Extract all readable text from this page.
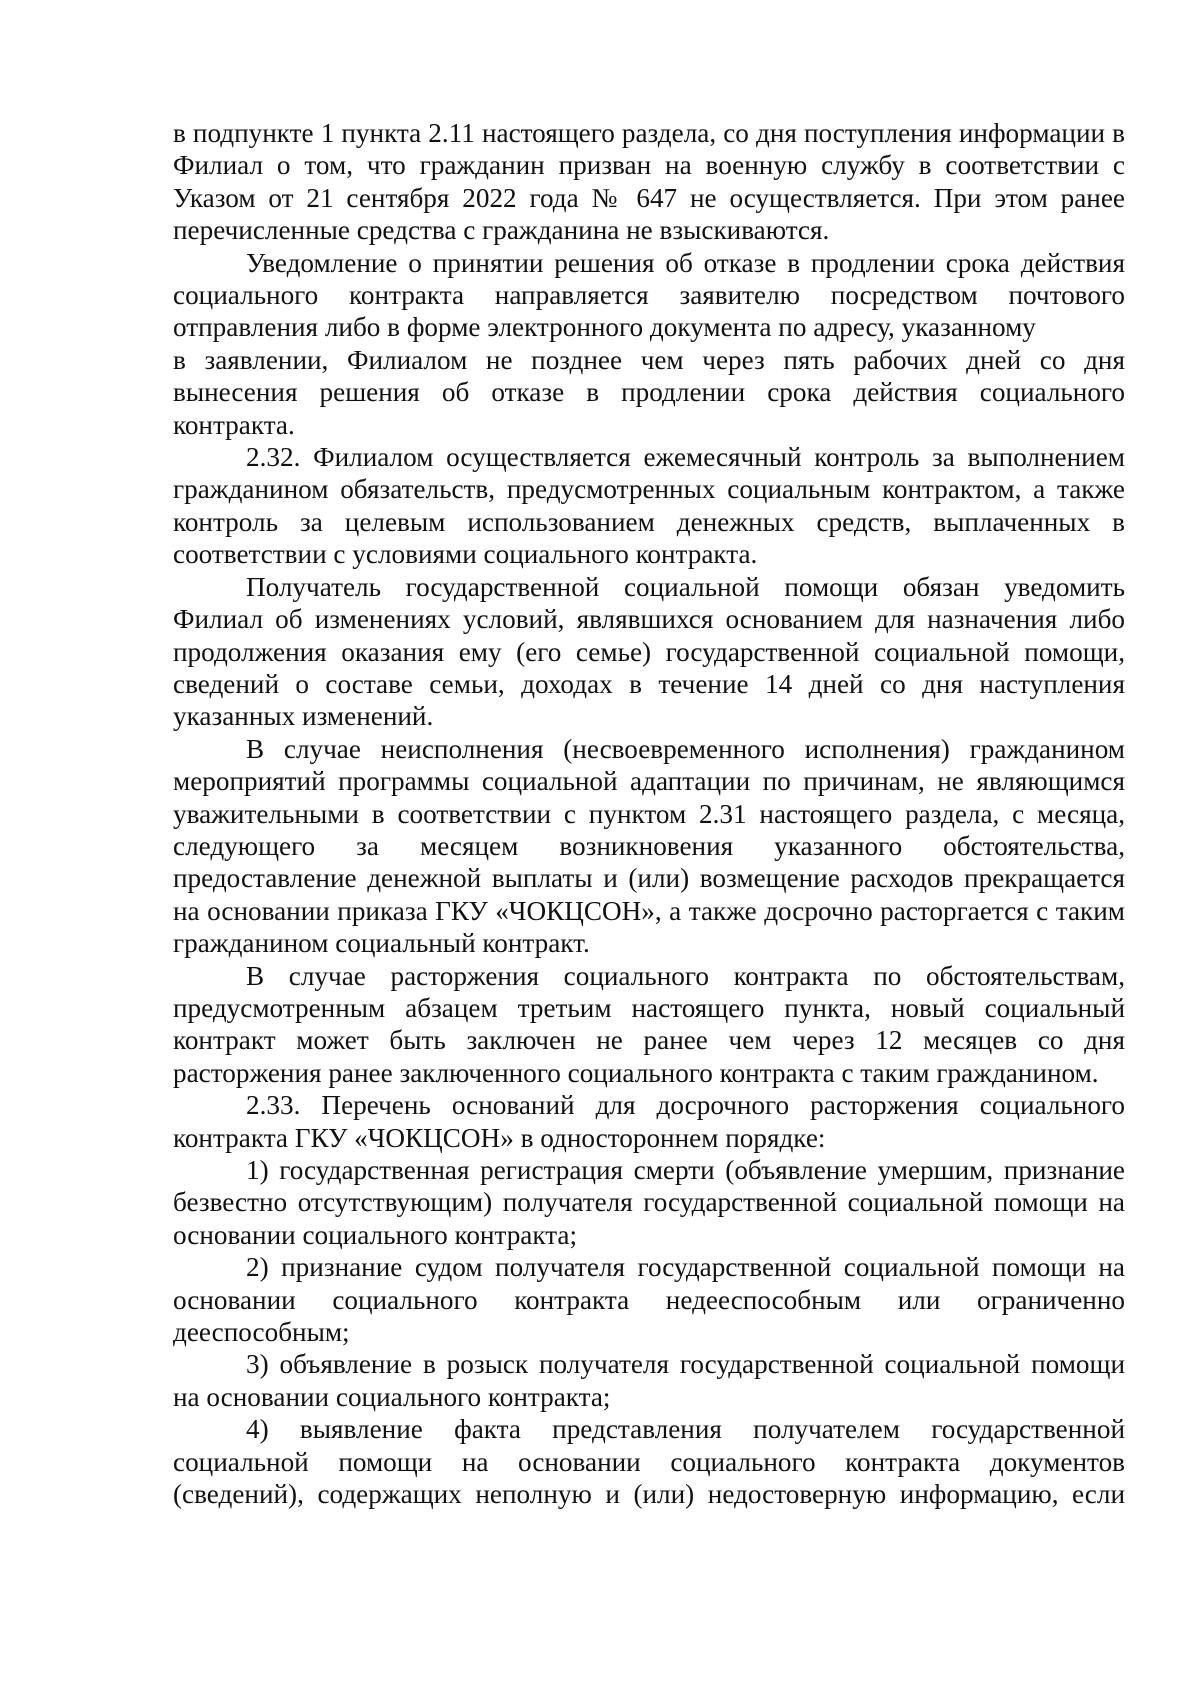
в подпункте 1 пункта 2.11 настоящего раздела, со дня поступления информации в Филиал о том, что гражданин призван на военную службу в соответствии с Указом от 21 сентября 2022 года № 647 не осуществляется. При этом ранее перечисленные средства с гражданина не взыскиваются.

Уведомление о принятии решения об отказе в продлении срока действия социального контракта направляется заявителю посредством почтового отправления либо в форме электронного документа по адресу, указанному

в заявлении, Филиалом не позднее чем через пять рабочих дней со дня вынесения решения об отказе в продлении срока действия социального контракта.

2.32. Филиалом осуществляется ежемесячный контроль за выполнением гражданином обязательств, предусмотренных социальным контрактом, а также контроль за целевым использованием денежных средств, выплаченных в соответствии с условиями социального контракта.

Получатель государственной социальной помощи обязан уведомить Филиал об изменениях условий, являвшихся основанием для назначения либо продолжения оказания ему (его семье) государственной социальной помощи, сведений о составе семьи, доходах в течение 14 дней со дня наступления указанных изменений.

В случае неисполнения (несвоевременного исполнения) гражданином мероприятий программы социальной адаптации по причинам, не являющимся уважительными в соответствии с пунктом 2.31 настоящего раздела, с месяца, следующего за месяцем возникновения указанного обстоятельства, предоставление денежной выплаты и (или) возмещение расходов прекращается на основании приказа ГКУ «ЧОКЦСОН», а также досрочно расторгается с таким гражданином социальный контракт.

В случае расторжения социального контракта по обстоятельствам, предусмотренным абзацем третьим настоящего пункта, новый социальный контракт может быть заключен не ранее чем через 12 месяцев со дня расторжения ранее заключенного социального контракта с таким гражданином.

2.33. Перечень оснований для досрочного расторжения социального контракта ГКУ «ЧОКЦСОН» в одностороннем порядке:

1) государственная регистрация смерти (объявление умершим, признание безвестно отсутствующим) получателя государственной социальной помощи на основании социального контракта;

2) признание судом получателя государственной социальной помощи на основании социального контракта недееспособным или ограниченно дееспособным;

3) объявление в розыск получателя государственной социальной помощи на основании социального контракта;

4) выявление факта представления получателем государственной социальной помощи на основании социального контракта документов (сведений), содержащих неполную и (или) недостоверную информацию, если
